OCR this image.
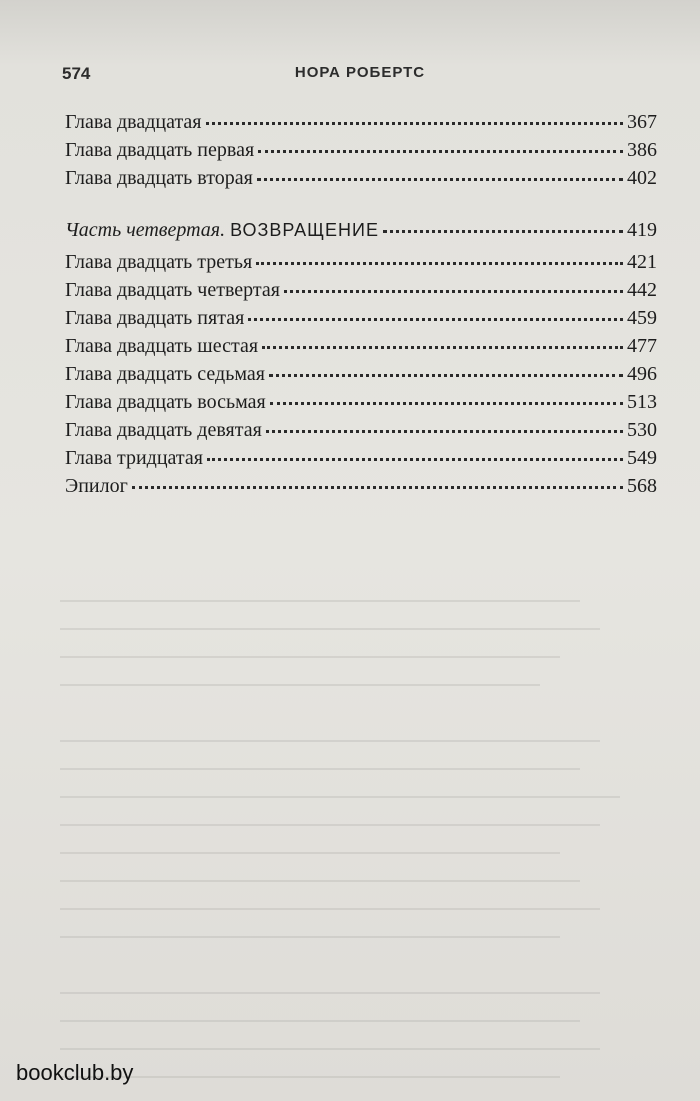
574	НОРА РОБЕРТС
Глава двадцатая	367
Глава двадцать первая	386
Глава двадцать вторая	402
Часть четвертая. ВОЗВРАЩЕНИЕ	419
Глава двадцать третья	421
Глава двадцать четвертая	442
Глава двадцать пятая	459
Глава двадцать шестая	477
Глава двадцать седьмая	496
Глава двадцать восьмая	513
Глава двадцать девятая	530
Глава тридцатая	549
Эпилог	568
bookclub.by
